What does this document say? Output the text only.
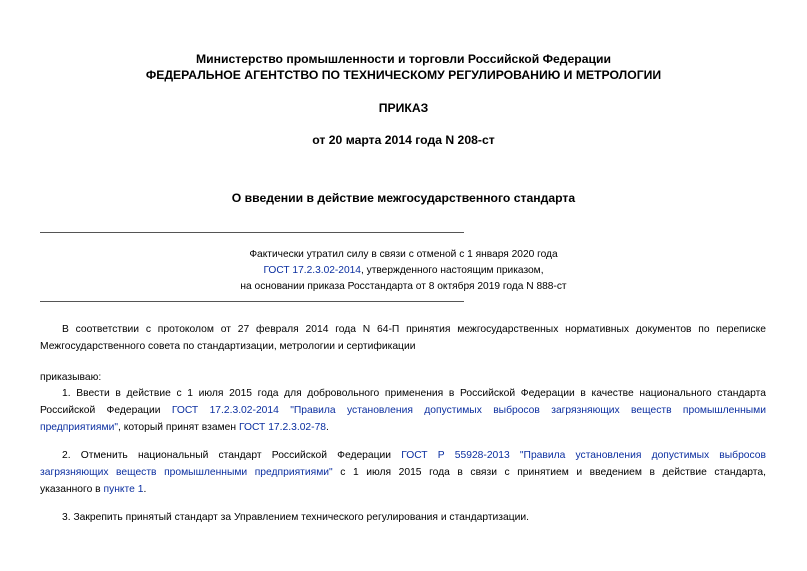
Министерство промышленности и торговли Российской Федерации
ФЕДЕРАЛЬНОЕ АГЕНТСТВО ПО ТЕХНИЧЕСКОМУ РЕГУЛИРОВАНИЮ И МЕТРОЛОГИИ
ПРИКАЗ
от 20 марта 2014 года N 208-ст
О введении в действие межгосударственного стандарта
Фактически утратил силу в связи с отменой с 1 января 2020 года
ГОСТ 17.2.3.02-2014, утвержденного настоящим приказом,
на основании приказа Росстандарта от 8 октября 2019 года N 888-ст
В соответствии с протоколом от 27 февраля 2014 года N 64-П принятия межгосударственных нормативных документов по переписке
Межгосударственного совета по стандартизации, метрологии и сертификации
приказываю:
1. Ввести в действие с 1 июля 2015 года для добровольного применения в Российской Федерации в качестве национального стандарта
Российской Федерации ГОСТ 17.2.3.02-2014 "Правила установления допустимых выбросов загрязняющих веществ промышленными
предприятиями", который принят взамен ГОСТ 17.2.3.02-78.
2. Отменить национальный стандарт Российской Федерации ГОСТ Р 55928-2013 "Правила установления допустимых выбросов
загрязняющих веществ промышленными предприятиями" с 1 июля 2015 года в связи с принятием и введением в действие стандарта,
указанного в пункте 1.
3. Закрепить принятый стандарт за Управлением технического регулирования и стандартизации.
